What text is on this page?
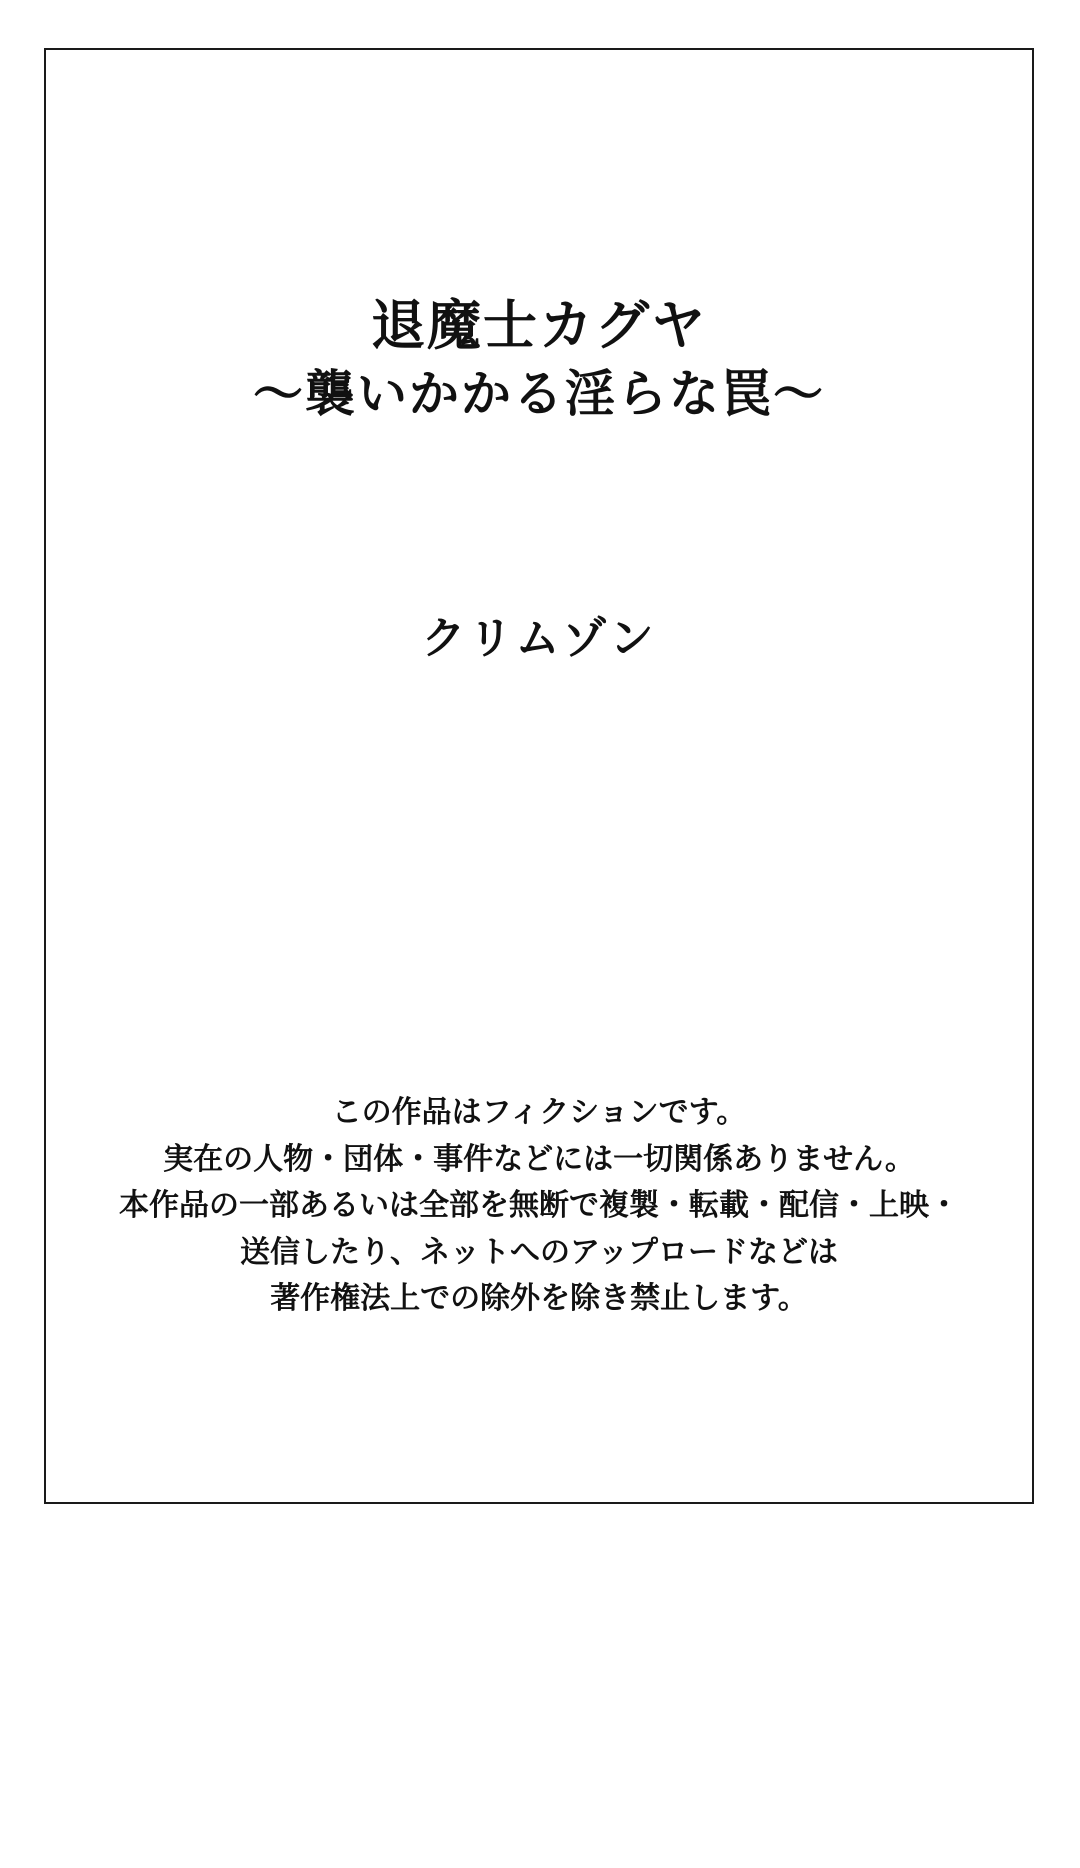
退魔士カグヤ
〜襲いかかる淫らな罠〜
クリムゾン
この作品はフィクションです。
実在の人物・団体・事件などには一切関係ありません。
本作品の一部あるいは全部を無断で複製・転載・配信・上映・
送信したり、ネットへのアップロードなどは
著作権法上での除外を除き禁止します。
